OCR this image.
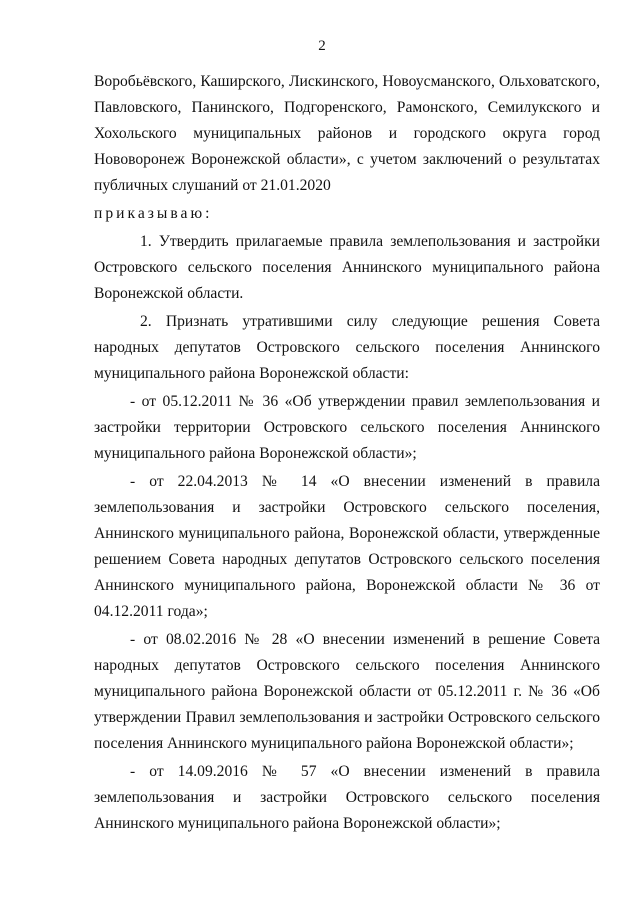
2

Воробьёвского, Каширского, Лискинского, Новоусманского, Ольховатского, Павловского, Панинского, Подгоренского, Рамонского, Семилукского и Хохольского муниципальных районов и городского округа город Нововоронеж Воронежской области», с учетом заключений о результатах публичных слушаний от 21.01.2020

приказываю:

1. Утвердить прилагаемые правила землепользования и застройки Островского сельского поселения Аннинского муниципального района Воронежской области.

2. Признать утратившими силу следующие решения Совета народных депутатов Островского сельского поселения Аннинского муниципального района Воронежской области:

- от 05.12.2011 № 36 «Об утверждении правил землепользования и застройки территории Островского сельского поселения Аннинского муниципального района Воронежской области»;

- от 22.04.2013 № 14 «О внесении изменений в правила землепользования и застройки Островского сельского поселения, Аннинского муниципального района, Воронежской области, утвержденные решением Совета народных депутатов Островского сельского поселения Аннинского муниципального района, Воронежской области № 36 от 04.12.2011 года»;

- от 08.02.2016 № 28 «О внесении изменений в решение Совета народных депутатов Островского сельского поселения Аннинского муниципального района Воронежской области от 05.12.2011 г. № 36 «Об утверждении Правил землепользования и застройки Островского сельского поселения Аннинского муниципального района Воронежской области»;

- от 14.09.2016 № 57 «О внесении изменений в правила землепользования и застройки Островского сельского поселения Аннинского муниципального района Воронежской области»;
